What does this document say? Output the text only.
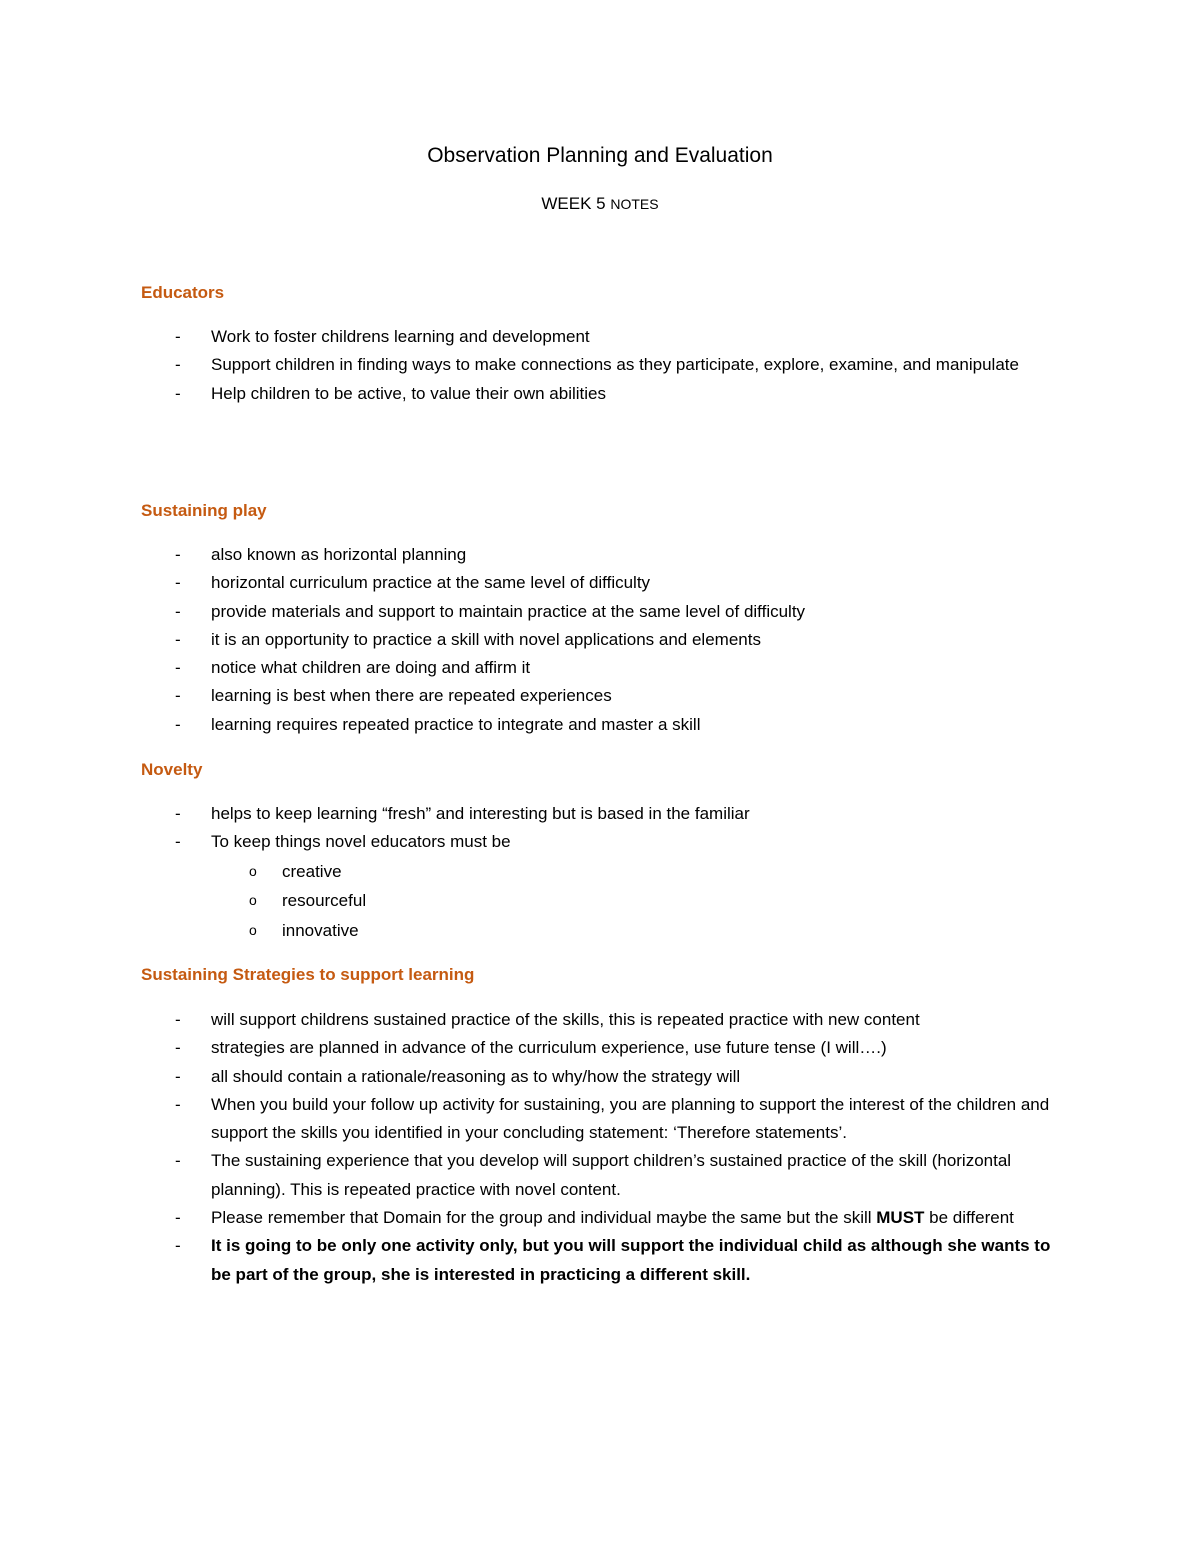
Observation Planning and Evaluation
WEEK 5 NOTES
Educators
- Work to foster childrens learning and development
- Support children in finding ways to make connections as they participate, explore, examine, and manipulate
- Help children to be active, to value their own abilities
Sustaining play
- also known as horizontal planning
- horizontal curriculum practice at the same level of difficulty
- provide materials and support to maintain practice at the same level of difficulty
- it is an opportunity to practice a skill with novel applications and elements
- notice what children are doing and affirm it
- learning is best when there are repeated experiences
- learning requires repeated practice to integrate and master a skill
Novelty
- helps to keep learning “fresh” and interesting but is based in the familiar
- To keep things novel educators must be
o creative
o resourceful
o innovative
Sustaining Strategies to support learning
- will support childrens sustained practice of the skills, this is repeated practice with new content
- strategies are planned in advance of the curriculum experience, use future tense (I will….)
- all should contain a rationale/reasoning as to why/how the strategy will
- When you build your follow up activity for sustaining, you are planning to support the interest of the children and support the skills you identified in your concluding statement: ‘Therefore statements’.
- The sustaining experience that you develop will support children’s sustained practice of the skill (horizontal planning). This is repeated practice with novel content.
- Please remember that Domain for the group and individual maybe the same but the skill MUST be different
- It is going to be only one activity only, but you will support the individual child as although she wants to be part of the group, she is interested in practicing a different skill.
